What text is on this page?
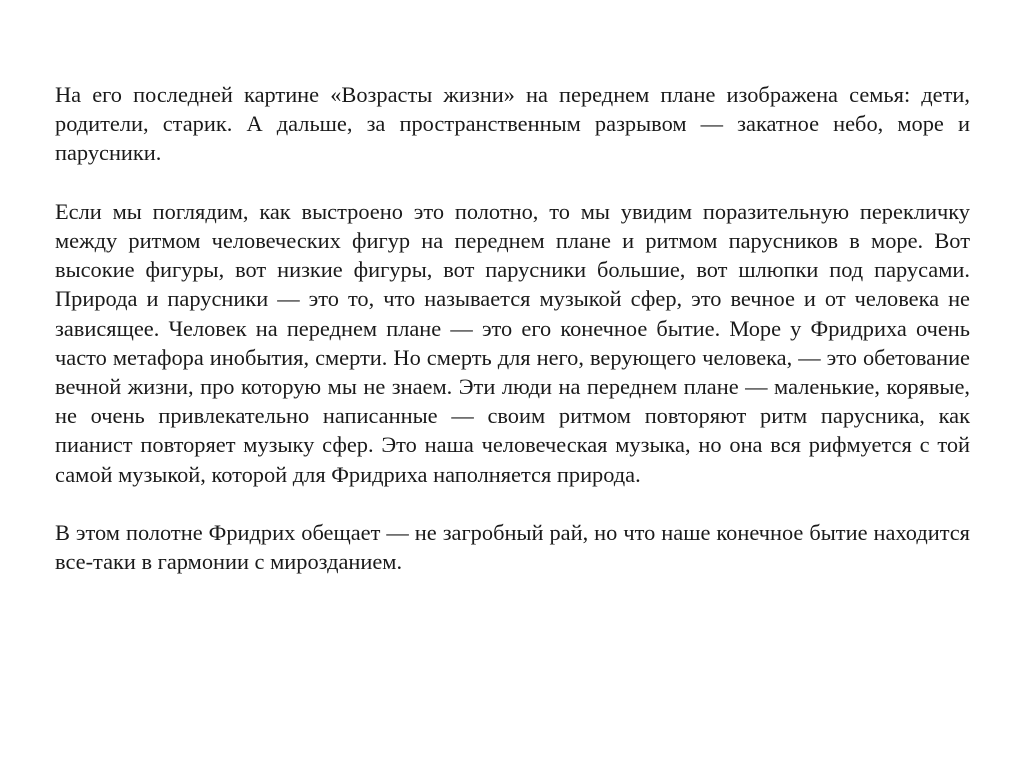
На его последней картине «Возрасты жизни» на переднем плане изображена семья: дети, родители, старик. А дальше, за пространственным разрывом — закатное небо, море и парусники.

Если мы поглядим, как выстроено это полотно, то мы увидим поразительную перекличку между ритмом человеческих фигур на переднем плане и ритмом парусников в море. Вот высокие фигуры, вот низкие фигуры, вот парусники большие, вот шлюпки под парусами. Природа и парусники — это то, что называется музыкой сфер, это вечное и от человека не зависящее. Человек на переднем плане — это его конечное бытие. Море у Фридриха очень часто метафора инобытия, смерти. Но смерть для него, верующего человека, — это обетование вечной жизни, про которую мы не знаем. Эти люди на переднем плане — маленькие, корявые, не очень привлекательно написанные — своим ритмом повторяют ритм парусника, как пианист повторяет музыку сфер. Это наша человеческая музыка, но она вся рифмуется с той самой музыкой, которой для Фридриха наполняется природа.

В этом полотне Фридрих обещает — не загробный рай, но что наше конечное бытие находится все-таки в гармонии с мирозданием.
